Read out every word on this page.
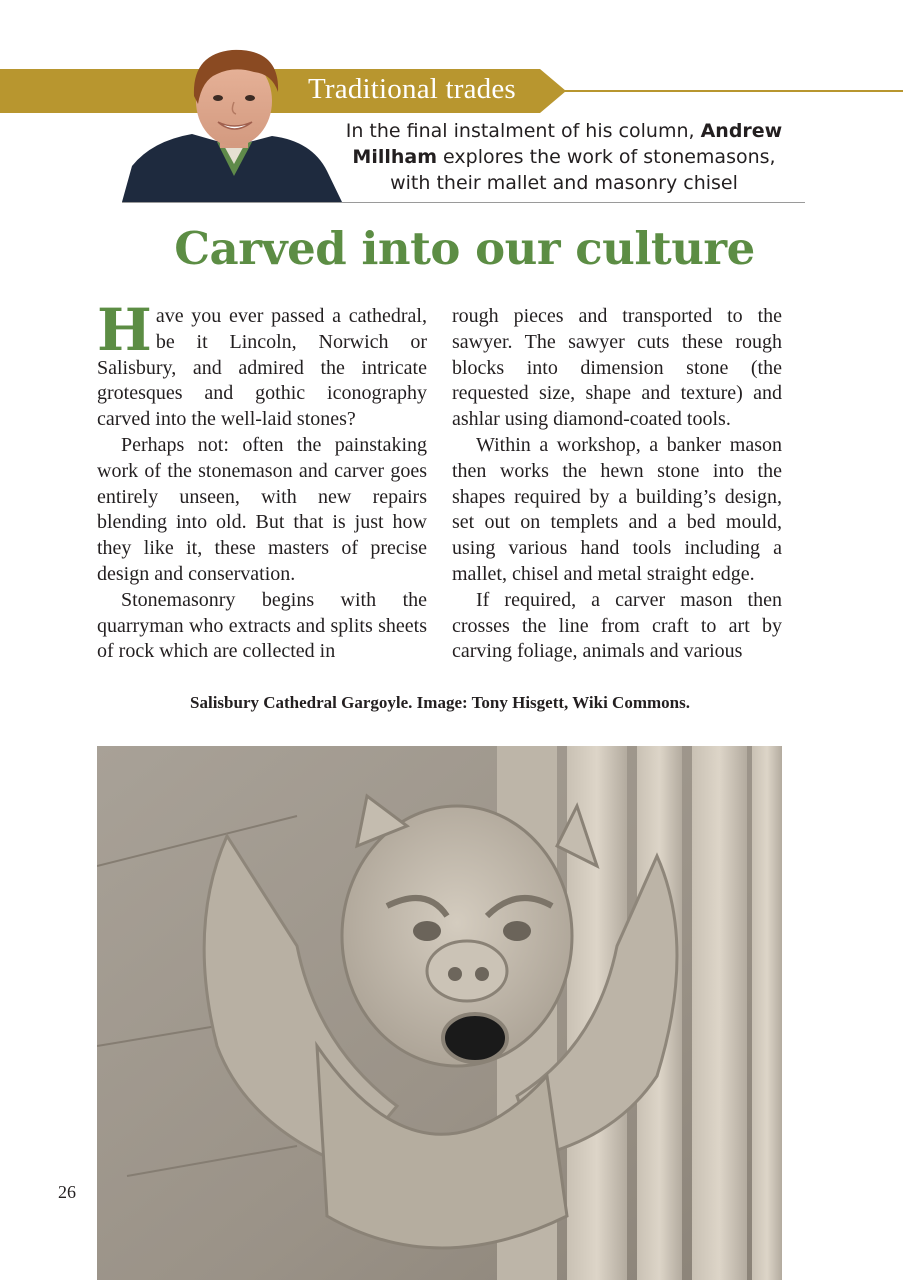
Traditional trades
In the final instalment of his column, Andrew Millham explores the work of stonemasons, with their mallet and masonry chisel
Carved into our culture

Have you ever passed a cathedral, be it Lincoln, Norwich or Salisbury, and admired the intricate grotesques and gothic iconography carved into the well-laid stones?

Perhaps not: often the painstaking work of the stonemason and carver goes entirely unseen, with new repairs blending into old. But that is just how they like it, these masters of precise design and conservation.

Stonemasonry begins with the quarryman who extracts and splits sheets of rock which are collected in

rough pieces and transported to the sawyer. The sawyer cuts these rough blocks into dimension stone (the requested size, shape and texture) and ashlar using diamond-coated tools.

Within a workshop, a banker mason then works the hewn stone into the shapes required by a building’s design, set out on templets and a bed mould, using various hand tools including a mallet, chisel and metal straight edge.

If required, a carver mason then crosses the line from craft to art by carving foliage, animals and various

Salisbury Cathedral Gargoyle. Image: Tony Hisgett, Wiki Commons.
26
